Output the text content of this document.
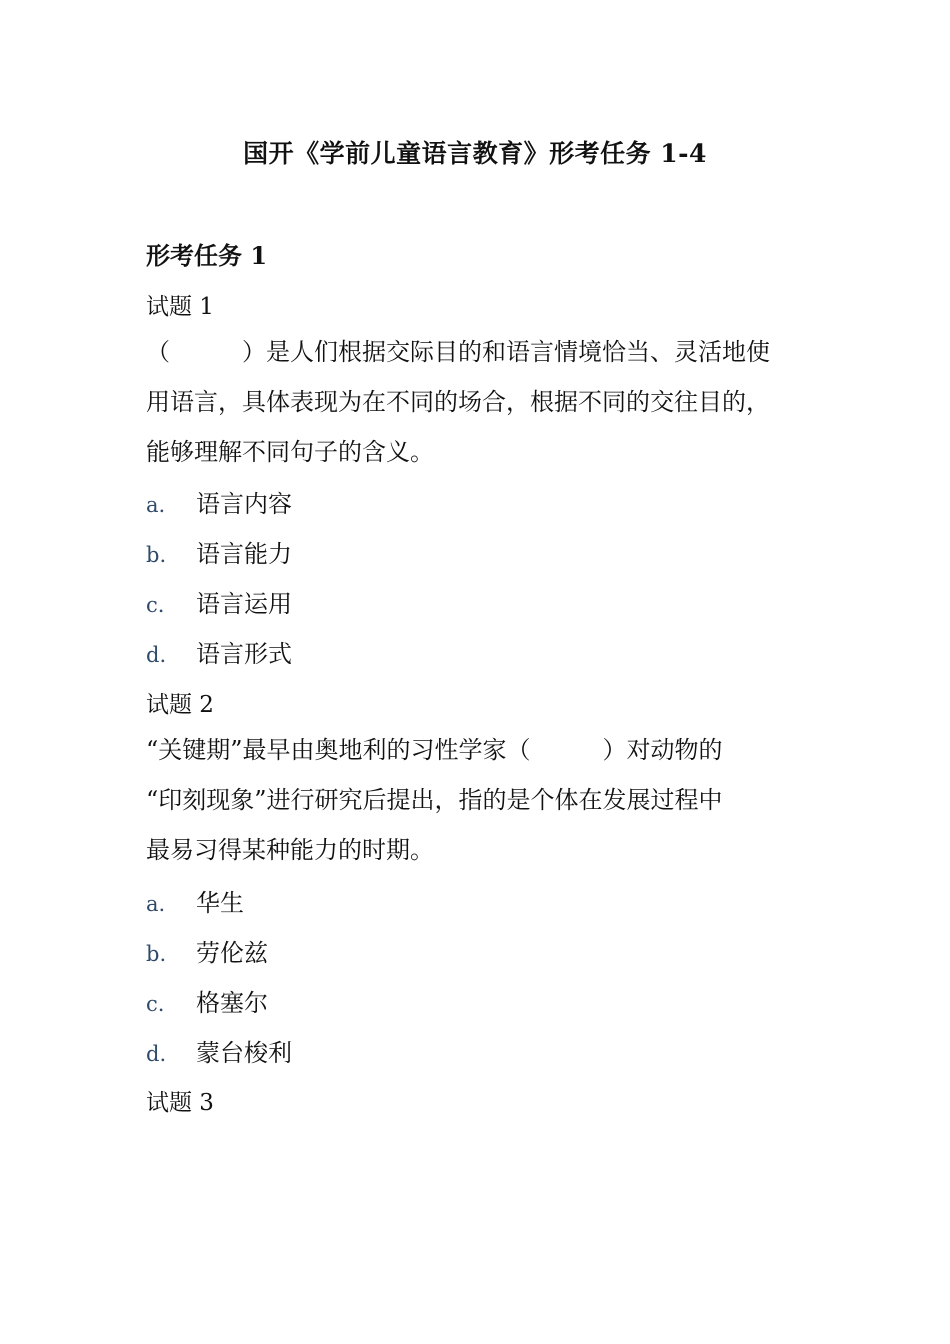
国开《学前儿童语言教育》形考任务 1-4
形考任务 1
试题 1
（　　　）是人们根据交际目的和语言情境恰当、灵活地使
用语言，具体表现为在不同的场合，根据不同的交往目的，
能够理解不同句子的含义。
a. 语言内容
b. 语言能力
c. 语言运用
d. 语言形式
试题 2
“关键期”最早由奥地利的习性学家（　　　）对动物的
“印刻现象”进行研究后提出，指的是个体在发展过程中
最易习得某种能力的时期。
a. 华生
b. 劳伦兹
c. 格塞尔
d. 蒙台梭利
试题 3
